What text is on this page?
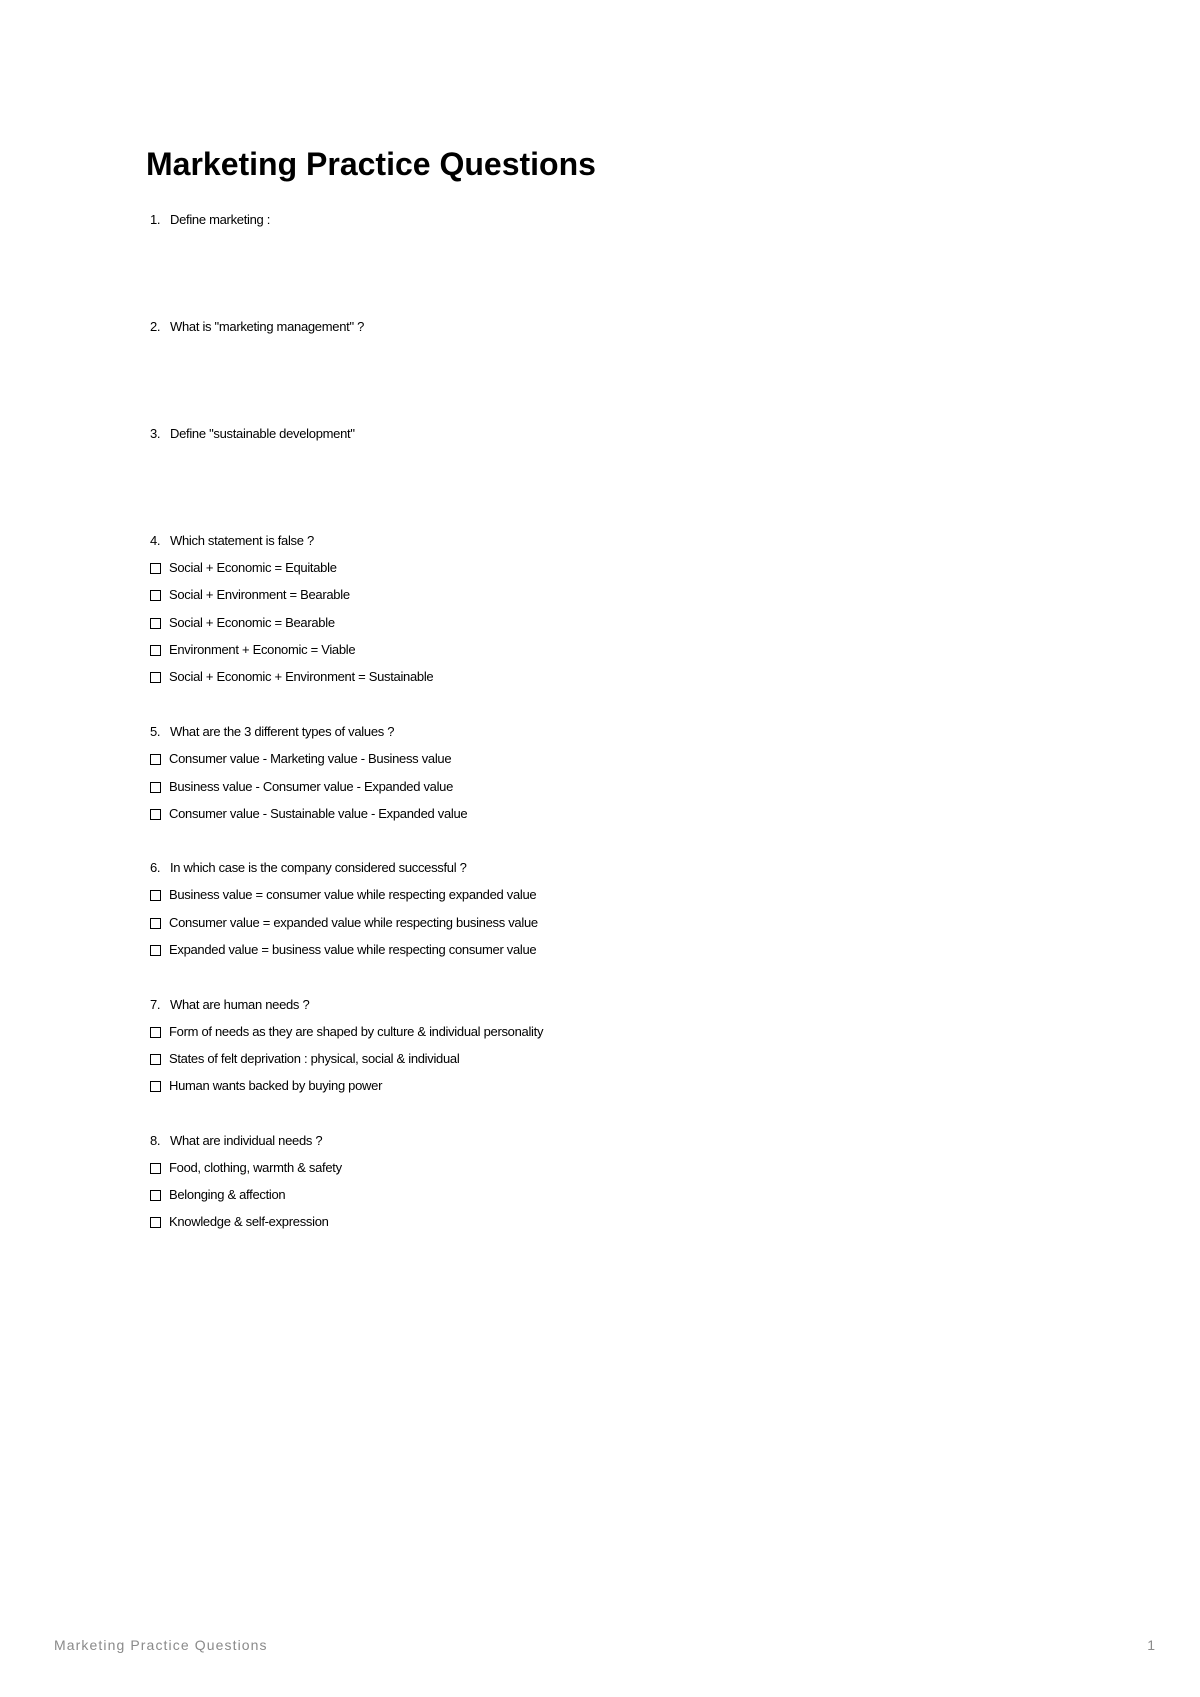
Marketing Practice Questions
1. Define marketing :
2. What is "marketing management" ?
3. Define "sustainable development"
4. Which statement is false ?
Social + Economic = Equitable
Social + Environment = Bearable
Social + Economic = Bearable
Environment + Economic = Viable
Social + Economic + Environment = Sustainable
5. What are the 3 different types of values ?
Consumer value - Marketing value - Business value
Business value - Consumer value - Expanded value
Consumer value - Sustainable value - Expanded value
6. In which case is the company considered successful ?
Business value = consumer value while respecting expanded value
Consumer value = expanded value while respecting business value
Expanded value = business value while respecting consumer value
7. What are human needs ?
Form of needs as they are shaped by culture & individual personality
States of felt deprivation : physical, social & individual
Human wants backed by buying power
8. What are individual needs ?
Food, clothing, warmth & safety
Belonging & affection
Knowledge & self-expression
Marketing Practice Questions	1
